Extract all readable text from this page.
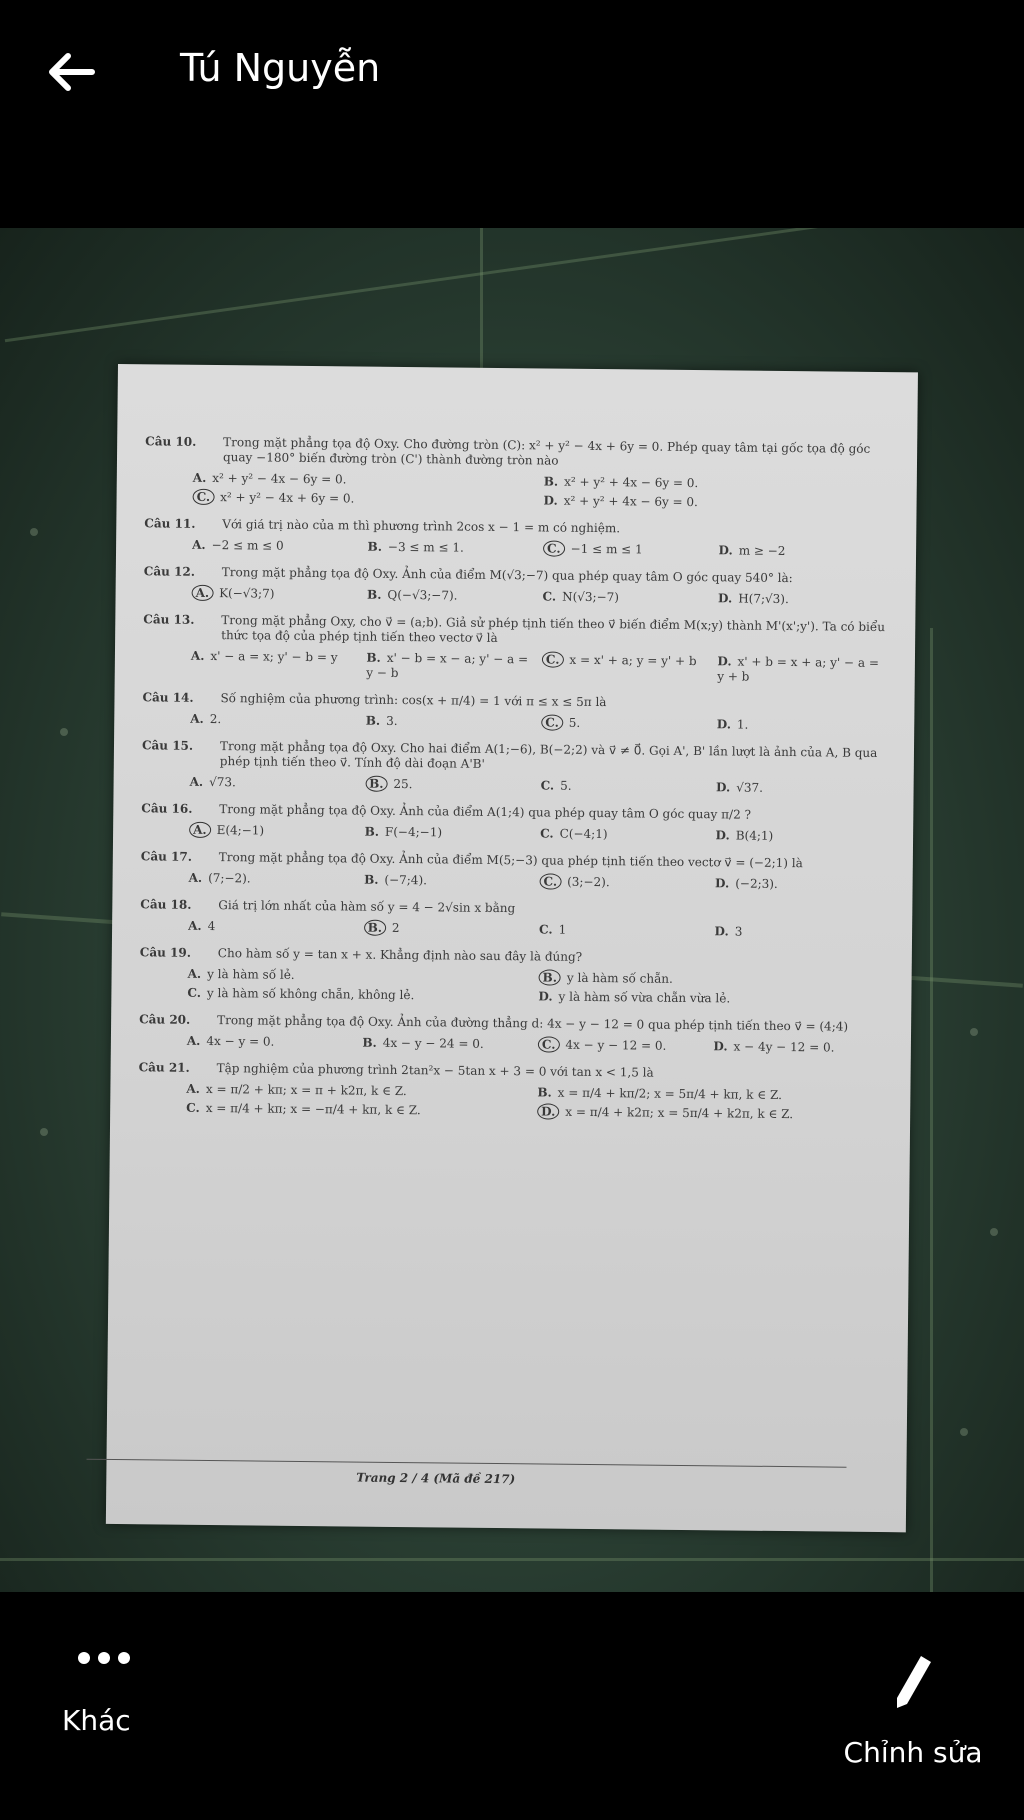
Tú Nguyễn
Câu 10.	Trong mặt phẳng tọa độ Oxy. Cho đường tròn (C): x² + y² − 4x + 6y = 0. Phép quay tâm tại gốc tọa độ góc quay −180° biến đường tròn (C') thành đường tròn nào
A. x² + y² − 4x − 6y = 0.	B. x² + y² + 4x − 6y = 0.
C. x² + y² − 4x + 6y = 0.	D. x² + y² + 4x − 6y = 0.
Câu 11.	Với giá trị nào của m thì phương trình 2cos x − 1 = m có nghiệm.
A. −2 ≤ m ≤ 0	B. −3 ≤ m ≤ 1.	C. −1 ≤ m ≤ 1	D. m ≥ −2
Câu 12.	Trong mặt phẳng tọa độ Oxy. Ảnh của điểm M(√3;−7) qua phép quay tâm O góc quay 540° là:
A. K(−√3;7)	B. Q(−√3;−7).	C. N(√3;−7)	D. H(7;√3).
Câu 13.	Trong mặt phẳng Oxy, cho v⃗ = (a;b). Giả sử phép tịnh tiến theo v⃗ biến điểm M(x;y) thành M'(x';y'). Ta có biểu thức tọa độ của phép tịnh tiến theo vectơ v⃗ là
A. x' − a = x; y' − b = y	B. x' − b = x − a; y' − a = y − b
C. x = x' + a; y = y' + b	D. x' + b = x + a; y' − a = y + b
Câu 14.	Số nghiệm của phương trình: cos(x + π/4) = 1 với π ≤ x ≤ 5π là
A. 2.	B. 3.	C. 5.	D. 1.
Câu 15.	Trong mặt phẳng tọa độ Oxy. Cho hai điểm A(1;−6), B(−2;2) và v⃗ ≠ 0⃗. Gọi A', B' lần lượt là ảnh của A, B qua phép tịnh tiến theo v⃗. Tính độ dài đoạn A'B'
A. √73.	B. 25.	C. 5.	D. √37.
Câu 16.	Trong mặt phẳng tọa độ Oxy. Ảnh của điểm A(1;4) qua phép quay tâm O góc quay π/2 ?
A. E(4;−1)	B. F(−4;−1)	C. C(−4;1)	D. B(4;1)
Câu 17.	Trong mặt phẳng tọa độ Oxy. Ảnh của điểm M(5;−3) qua phép tịnh tiến theo vectơ v⃗ = (−2;1) là
A. (7;−2).	B. (−7;4).	C. (3;−2).	D. (−2;3).
Câu 18.	Giá trị lớn nhất của hàm số y = 4 − 2√sin x bằng
A. 4	B. 2	C. 1	D. 3
Câu 19.	Cho hàm số y = tan x + x. Khẳng định nào sau đây là đúng?
A. y là hàm số lẻ.	B. y là hàm số chẵn.
C. y là hàm số không chẵn, không lẻ.	D. y là hàm số vừa chẵn vừa lẻ.
Câu 20.	Trong mặt phẳng tọa độ Oxy. Ảnh của đường thẳng d: 4x − y − 12 = 0 qua phép tịnh tiến theo v⃗ = (4;4)
A. 4x − y = 0.	B. 4x − y − 24 = 0.	C. 4x − y − 12 = 0.	D. x − 4y − 12 = 0.
Câu 21.	Tập nghiệm của phương trình 2tan²x − 5tan x + 3 = 0 với tan x < 1,5 là
A. x = π/2 + kπ; x = π + k2π, k ∈ Z.	B. x = π/4 + kπ/2; x = 5π/4 + kπ, k ∈ Z.
C. x = π/4 + kπ; x = −π/4 + kπ, k ∈ Z.	D. x = π/4 + k2π; x = 5π/4 + k2π, k ∈ Z.
Trang 2 / 4 (Mã đề 217)
Khác
Chỉnh sửa
